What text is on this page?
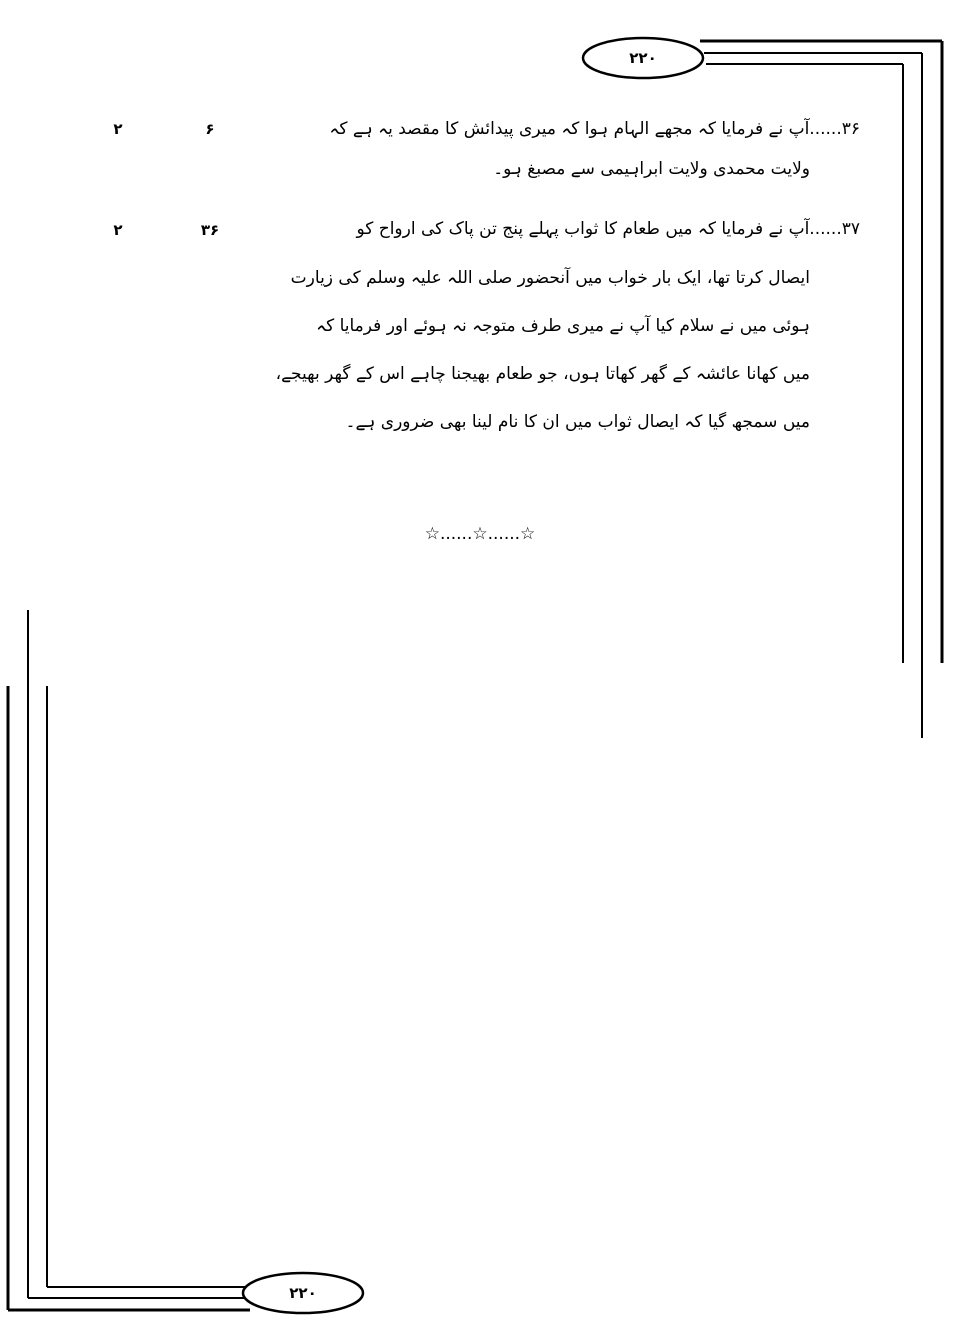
۲۲۰
۲۲۰
۳۶......آپ نے فرمایا کہ مجھے الہام ہوا کہ میری پیدائش کا مقصد یہ ہے کہ
ولایت محمدی ولایت ابراہیمی سے مصبغ ہو۔
۶
۲
۳۷......آپ نے فرمایا کہ میں طعام کا ثواب پہلے پنج تن پاک کی ارواح کو
ایصال کرتا تھا، ایک بار خواب میں آنحضور صلی اللہ علیہ وسلم کی زیارت
ہوئی میں نے سلام کیا آپ نے میری طرف متوجہ نہ ہوئے اور فرمایا کہ
میں کھانا عائشہ کے گھر کھاتا ہوں، جو طعام بھیجنا چاہے اس کے گھر بھیجے،
میں سمجھ گیا کہ ایصال ثواب میں ان کا نام لینا بھی ضروری ہے۔
۳۶
۲
☆......☆......☆
